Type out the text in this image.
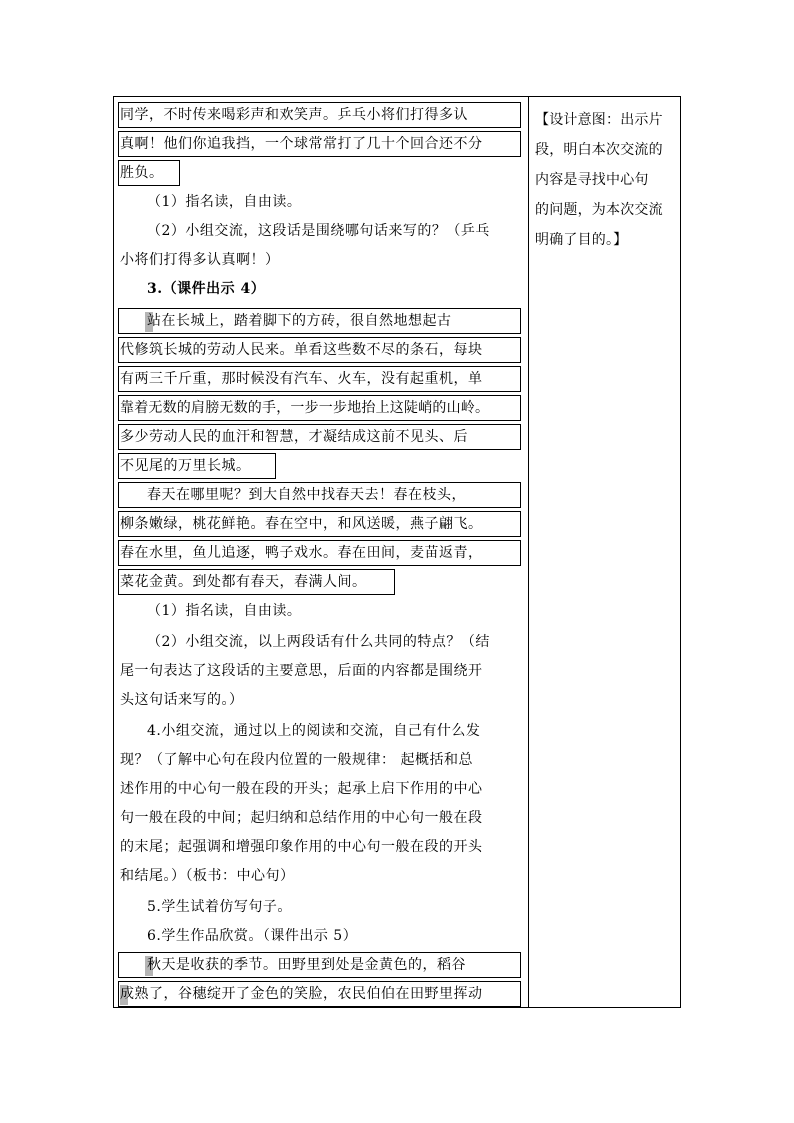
同学，不时传来喝彩声和欢笑声。乒乓小将们打得多认
真啊！他们你追我挡，一个球常常打了几十个回合还不分
胜负。
（1）指名读，自由读。
（2）小组交流，这段话是围绕哪句话来写的？（乒乓
小将们打得多认真啊！）
3.（课件出示 4）
站在长城上，踏着脚下的方砖，很自然地想起古
代修筑长城的劳动人民来。单看这些数不尽的条石，每块
有两三千斤重，那时候没有汽车、火车，没有起重机，单
靠着无数的肩膀无数的手，一步一步地抬上这陡峭的山岭。
多少劳动人民的血汗和智慧，才凝结成这前不见头、后
不见尾的万里长城。
春天在哪里呢？到大自然中找春天去！春在枝头，
柳条嫩绿，桃花鲜艳。春在空中，和风送暖，燕子翩飞。
春在水里，鱼儿追逐，鸭子戏水。春在田间，麦苗返青，
菜花金黄。到处都有春天，春满人间。
（1）指名读，自由读。
（2）小组交流，以上两段话有什么共同的特点？（结
尾一句表达了这段话的主要意思，后面的内容都是围绕开
头这句话来写的。）
4.小组交流，通过以上的阅读和交流，自己有什么发
现？（了解中心句在段内位置的一般规律： 起概括和总
述作用的中心句一般在段的开头；起承上启下作用的中心
句一般在段的中间；起归纳和总结作用的中心句一般在段
的末尾；起强调和增强印象作用的中心句一般在段的开头
和结尾。）（板书：中心句）
5.学生试着仿写句子。
6.学生作品欣赏。（课件出示 5）
秋天是收获的季节。田野里到处是金黄色的，稻谷
成熟了，谷穗绽开了金色的笑脸，农民伯伯在田野里挥动
【设计意图：出示片
段，明白本次交流的
内容是寻找中心句
的问题，为本次交流
明确了目的。】
